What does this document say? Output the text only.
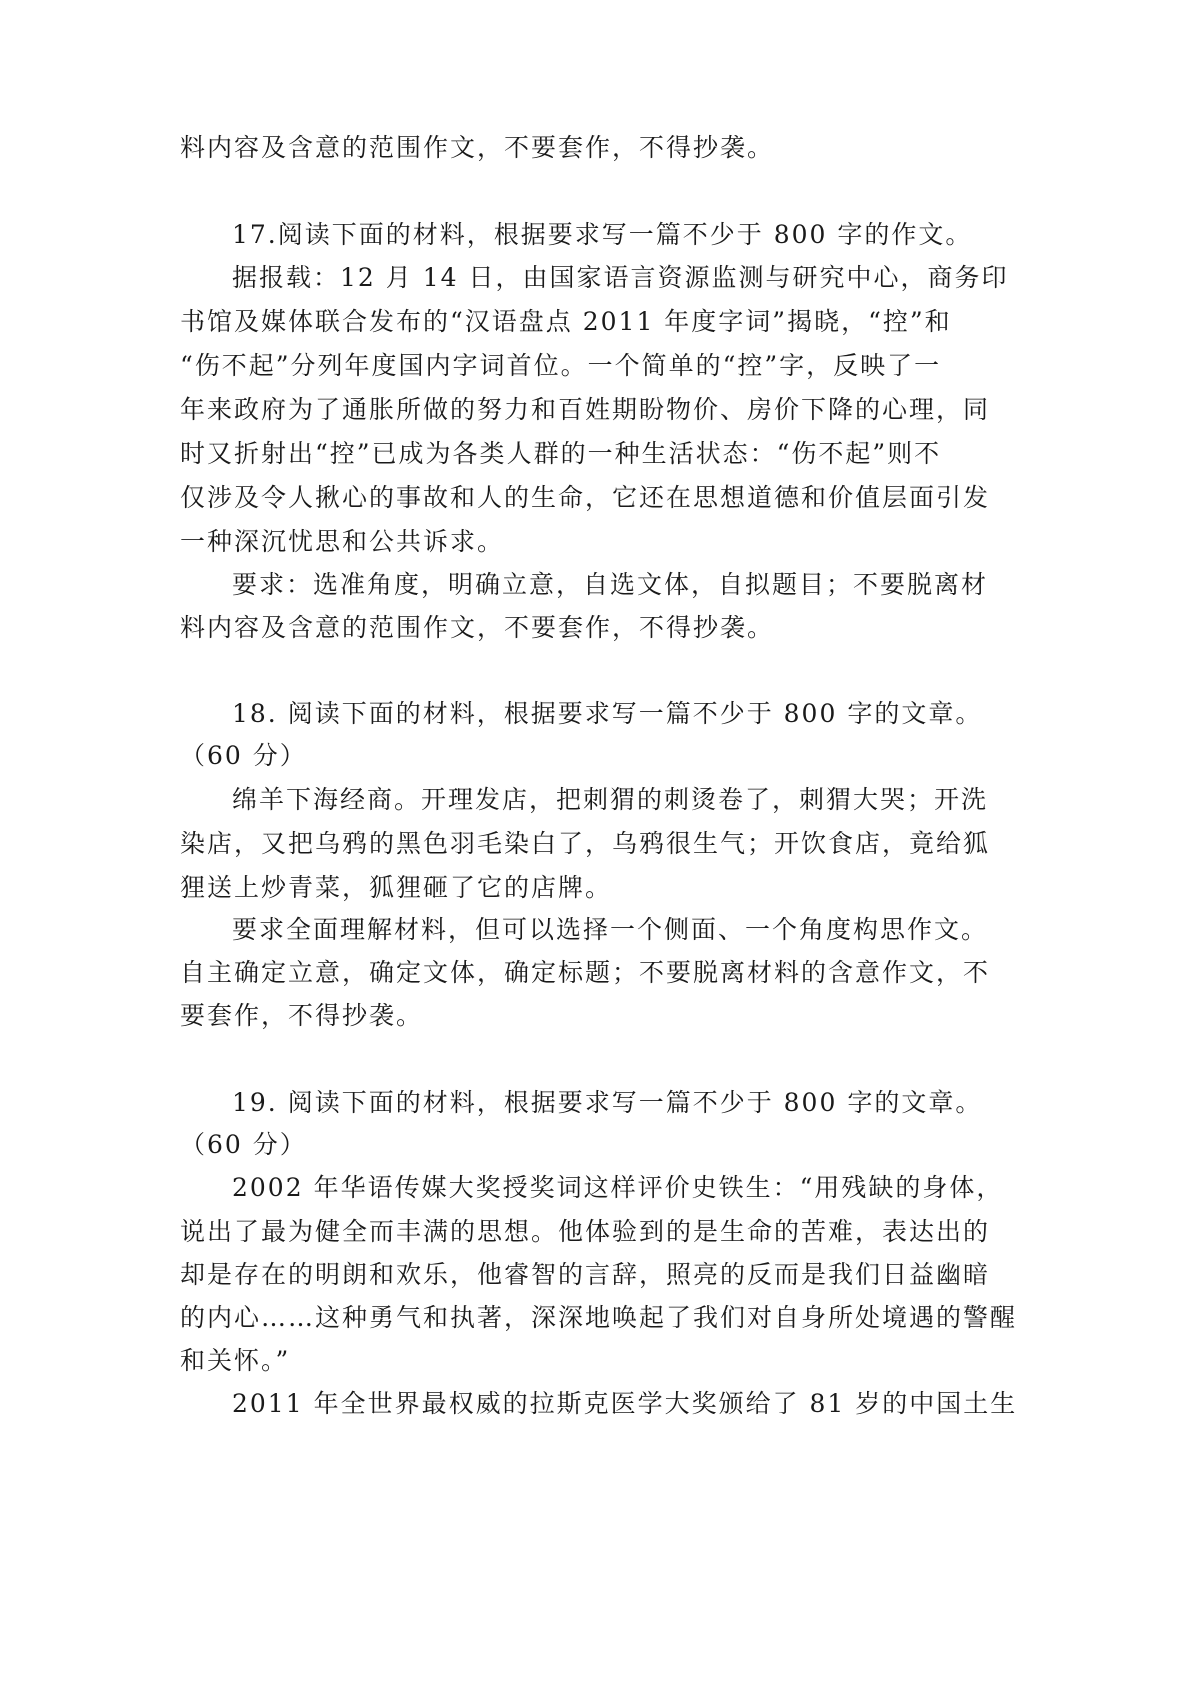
料内容及含意的范围作文，不要套作，不得抄袭。
17.阅读下面的材料，根据要求写一篇不少于 800 字的作文。
据报载：12 月 14 日，由国家语言资源监测与研究中心，商务印
书馆及媒体联合发布的“汉语盘点 2011 年度字词”揭晓，“控”和
“伤不起”分列年度国内字词首位。一个简单的“控”字，反映了一
年来政府为了通胀所做的努力和百姓期盼物价、房价下降的心理，同
时又折射出“控”已成为各类人群的一种生活状态：“伤不起”则不
仅涉及令人揪心的事故和人的生命，它还在思想道德和价值层面引发
一种深沉忧思和公共诉求。
要求：选准角度，明确立意，自选文体，自拟题目；不要脱离材
料内容及含意的范围作文，不要套作，不得抄袭。
18. 阅读下面的材料，根据要求写一篇不少于 800 字的文章。
（60 分）
绵羊下海经商。开理发店，把刺猬的刺烫卷了，刺猬大哭；开洗
染店，又把乌鸦的黑色羽毛染白了，乌鸦很生气；开饮食店，竟给狐
狸送上炒青菜，狐狸砸了它的店牌。
要求全面理解材料，但可以选择一个侧面、一个角度构思作文。
自主确定立意，确定文体，确定标题；不要脱离材料的含意作文，不
要套作，不得抄袭。
19. 阅读下面的材料，根据要求写一篇不少于 800 字的文章。
（60 分）
2002 年华语传媒大奖授奖词这样评价史铁生：“用残缺的身体，
说出了最为健全而丰满的思想。他体验到的是生命的苦难，表达出的
却是存在的明朗和欢乐，他睿智的言辞，照亮的反而是我们日益幽暗
的内心……这种勇气和执著，深深地唤起了我们对自身所处境遇的警醒
和关怀。”
2011 年全世界最权威的拉斯克医学大奖颁给了 81 岁的中国土生
